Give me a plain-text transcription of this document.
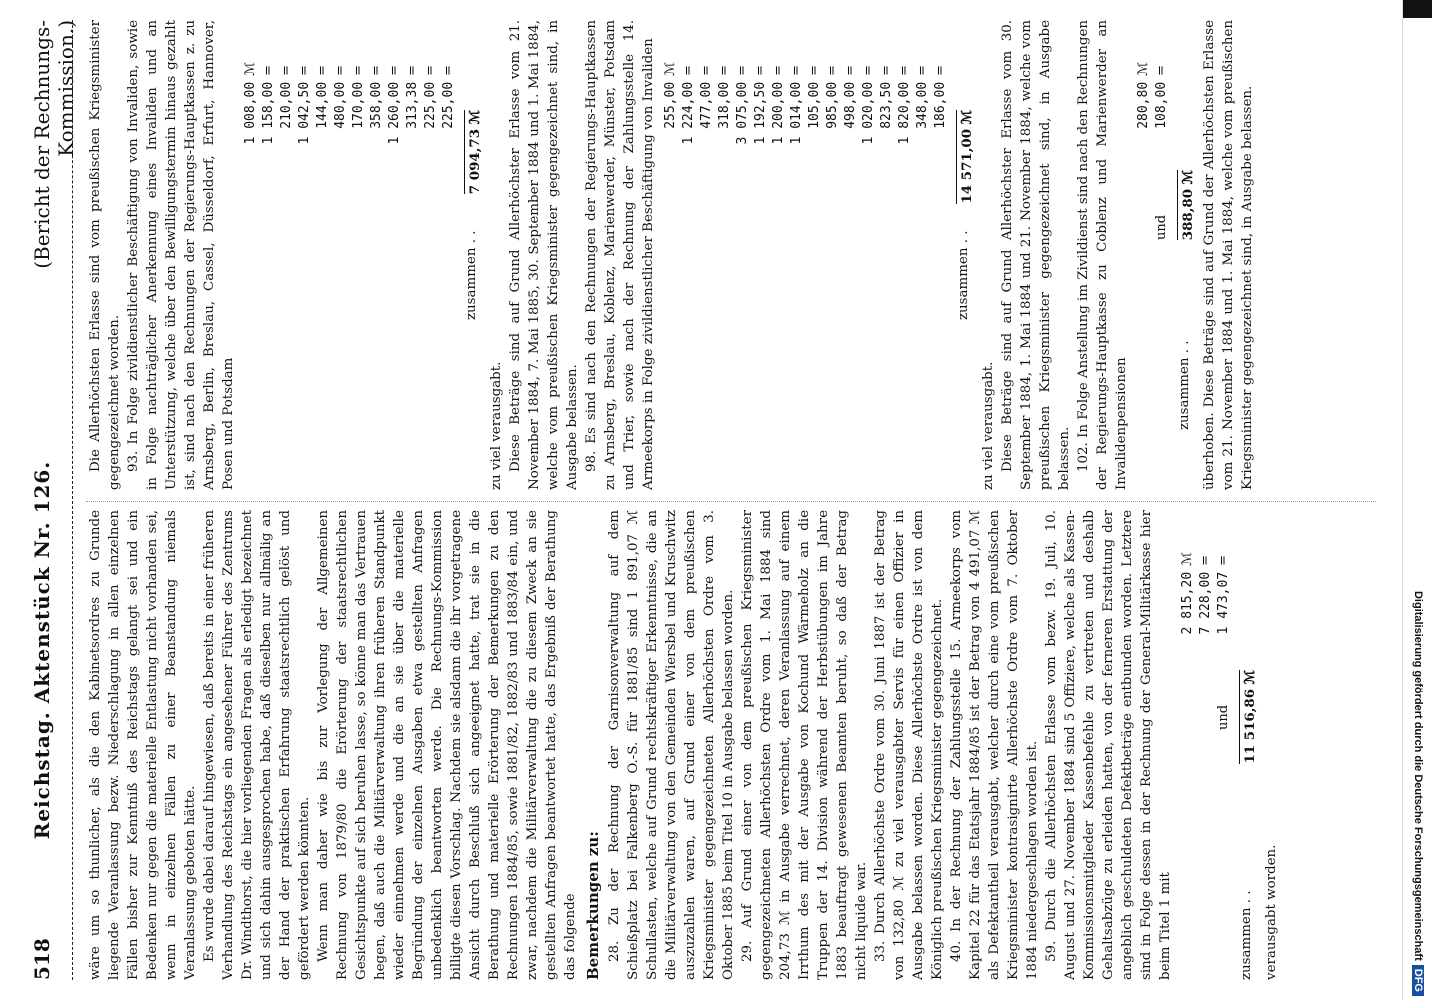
518
Reichstag. Aktenstück Nr. 126.
(Bericht der Rechnungs-Kommission.)

wäre um so thunlicher, als die den Kabinetsordres zu Grunde liegende Veranlassung bezw. Niederschlagung in allen einzelnen Fällen bisher zur Kenntniß des Reichstags gelangt sei und ein Bedenken nur gegen die materielle Entlastung nicht vorhanden sei, wenn in einzelnen Fällen zu einer Beanstandung niemals Veranlassung geboten hätte. Es wurde dabei darauf hingewiesen, daß bereits in einer früheren Verhandlung des Reichstags ein angesehener Führer des Zentrums Dr. Windthorst, die hier vorliegenden Fragen als erledigt bezeichnet und sich dahin ausgesprochen habe, daß dieselben nur allmälig an der Hand der praktischen Erfahrung staatsrechtlich gelöst und gefördert werden könnten. Wenn man daher wie bis zur Vorlegung der Allgemeinen Rechnung von 1879/80 die Erörterung der staatsrechtlichen Gesichtspunkte auf sich beruhen lasse, so könne man das Vertrauen hegen, daß auch die Militärverwaltung ihren früheren Standpunkt wieder einnehmen werde und die an sie über die materielle Begründung der einzelnen Ausgaben etwa gestellten Anfragen unbedenklich beantworten werde. Die Rechnungs-Kommission billigte diesen Vorschlag. Nachdem sie alsdann die ihr vorgetragene Ansicht durch Beschluß sich angeeignet hatte, trat sie in die Berathung und materielle Erörterung der Bemerkungen zu den Rechnungen 1884/85, sowie 1881/82, 1882/83 und 1883/84 ein, und zwar, nachdem die Militärverwaltung die zu diesem Zweck an sie gestellten Anfragen beantwortet hatte, das Ergebniß der Berathung das folgende Bemerkungen zu: 28. Zu der Rechnung der Garnisonverwaltung auf dem Schießplatz bei Falkenberg O.-S. für 1881/85 sind 1 891,07 ℳ Schullasten, welche auf Grund rechtskräftiger Erkenntnisse, die an die Militärverwaltung von den Gemeinden Wiersbel und Kruschwitz auszuzahlen waren, auf Grund einer von dem preußischen Kriegsminister gegengezeichneten Allerhöchsten Ordre vom 3. Oktober 1885 beim Titel 10 in Ausgabe belassen worden. 29. Auf Grund einer von dem preußischen Kriegsminister gegengezeichneten Allerhöchsten Ordre vom 1. Mai 1884 sind 204,73 ℳ in Ausgabe verrechnet, deren Veranlassung auf einem Irrthum des mit der Ausgabe von Kochund Wärmeholz an die Truppen der 14. Division während der Herbstübungen im Jahre 1883 beauftragt gewesenen Beamten beruht, so daß der Betrag nicht liquide war. 33. Durch Allerhöchste Ordre vom 30. Juni 1887 ist der Betrag von 132,80 ℳ zu viel verausgabter Servis für einen Offizier in Ausgabe belassen worden. Diese Allerhöchste Ordre ist von dem Königlich preußischen Kriegsminister gegengezeichnet. 40. In der Rechnung der Zahlungsstelle 15. Armeekorps vom Kapitel 22 für das Etatsjahr 1884/85 ist der Betrag von 4 491,07 ℳ als Defektantheil verausgabt, welcher durch eine vom preußischen Kriegsminister kontrasignirte Allerhöchste Ordre vom 7. Oktober 1884 niedergeschlagen worden ist. 59. Durch die Allerhöchsten Erlasse vom bezw. 19. Juli, 10. August und 27. November 1884 sind 5 Offiziere, welche als Kassen-Kommissionsmitglieder Kassenbefehle zu vertreten und deshalb Gehaltsabzüge zu erleiden hatten, von der ferneren Erstattung der angeblich geschuldeten Defektbeträge entbunden worden. Letztere sind in Folge dessen in der Rechnung der General-Militärkasse hier beim Titel 1 mit

2 815,20
ℳ
7 228,00
=
und
1 473,07
=
zusammen . .
11 516,86 ℳ

verausgabt worden.

Die Allerhöchsten Erlasse sind vom preußischen Kriegsminister gegengezeichnet worden. 93. In Folge zivildienstlicher Beschäftigung von Invaliden, sowie in Folge nachträglicher Anerkennung eines Invaliden und an Unterstützung, welche über den Bewilligungstermin hinaus gezahlt ist, sind nach den Rechnungen der Regierungs-Hauptkassen z. zu Arnsberg, Berlin, Breslau, Cassel, Düsseldorf, Erfurt, Hannover, Posen und Potsdam

1 008,00
ℳ
1 158,00
=
210,00
=
1 042,50
=
144,00
=
480,00
=
170,00
=
358,00
=
1 260,00
=
313,38
=
225,00
=
225,00
=
zusammen . .
7 094,73 ℳ

zu viel verausgabt. Diese Beträge sind auf Grund Allerhöchster Erlasse vom 21. November 1884, 7. Mai 1885, 30. September 1884 und 1. Mai 1884, welche vom preußischen Kriegsminister gegengezeichnet sind, in Ausgabe belassen. 98. Es sind nach den Rechnungen der Regierungs-Hauptkassen zu Arnsberg, Breslau, Koblenz, Marienwerder, Münster, Potsdam und Trier, sowie nach der Rechnung der Zahlungsstelle 14. Armeekorps in Folge zivildienstlicher Beschäftigung von Invaliden 255,00
ℳ
1 224,00
=
477,00
=
318,00
=
3 075,00
=
1 192,50
=
1 200,00
=
1 014,00
=
105,00
=
985,00
=
498,00
=
1 020,00
=
823,50
=
1 820,00
=
348,00
=
186,00
=
zusammen . .
14 571,00 ℳ

zu viel verausgabt. Diese Beträge sind auf Grund Allerhöchster Erlasse vom 30. September 1884, 1. Mai 1884 und 21. November 1884, welche vom preußischen Kriegsminister gegengezeichnet sind, in Ausgabe belassen. 102. In Folge Anstellung im Zivildienst sind nach den Rechnungen der Regierungs-Hauptkasse zu Coblenz und Marienwerder an Invalidenpensionen

280,80
ℳ
und
108,00
=
zusammen . .
388,80 ℳ überhoben. Diese Beträge sind auf Grund der Allerhöchsten Erlasse vom 21. November 1884 und 1. Mai 1884, welche vom preußischen Kriegsminister gegengezeichnet sind, in Ausgabe belassen.

Digitalisierung gefördert durch die Deutsche ForschungsgemeinschaftDFG
